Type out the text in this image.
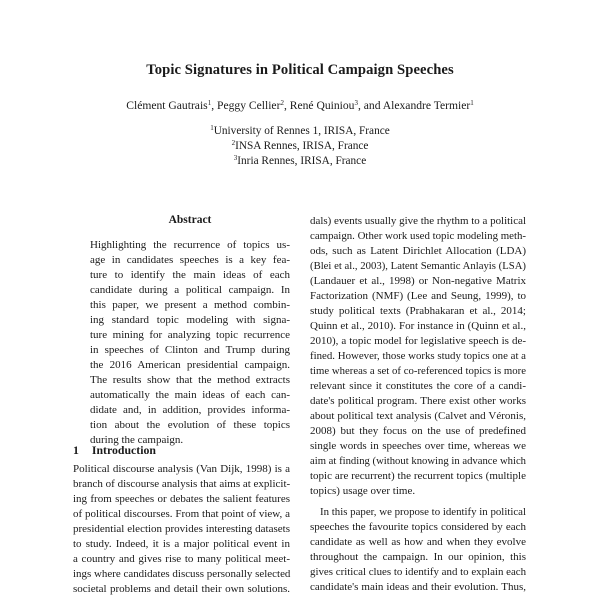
Topic Signatures in Political Campaign Speeches
Clément Gautrais$^1$, Peggy Cellier$^2$, René Quiniou$^3$, and Alexandre Termier$^1$
$^1$University of Rennes 1, IRISA, France
$^2$INSA Rennes, IRISA, France
$^3$Inria Rennes, IRISA, France
Abstract
Highlighting the recurrence of topics us-
age in candidates speeches is a key fea-
ture to identify the main ideas of each
candidate during a political campaign. In
this paper, we present a method combin-
ing standard topic modeling with signa-
ture mining for analyzing topic recurrence
in speeches of Clinton and Trump during
the 2016 American presidential campaign.
The results show that the method extracts
automatically the main ideas of each can-
didate and, in addition, provides informa-
tion about the evolution of these topics
during the campaign.
1 Introduction
Political discourse analysis (Van Dijk, 1998) is a
branch of discourse analysis that aims at explicit-
ing from speeches or debates the salient features
of political discourses. From that point of view, a
presidential election provides interesting datasets
to study. Indeed, it is a major political event in
a country and gives rise to many political meet-
ings where candidates discuss personally selected
societal problems and detail their own solutions.
dals) events usually give the rhythm to a political
campaign. Other work used topic modeling meth-
ods, such as Latent Dirichlet Allocation (LDA)
(Blei et al., 2003), Latent Semantic Anlayis (LSA)
(Landauer et al., 1998) or Non-negative Matrix
Factorization (NMF) (Lee and Seung, 1999), to
study political texts (Prabhakaran et al., 2014;
Quinn et al., 2010). For instance in (Quinn et al.,
2010), a topic model for legislative speech is de-
fined. However, those works study topics one at a
time whereas a set of co-referenced topics is more
relevant since it constitutes the core of a candi-
date's political program. There exist other works
about political text analysis (Calvet and Véronis,
2008) but they focus on the use of predefined
single words in speeches over time, whereas we
aim at finding (without knowing in advance which
topic are recurrent) the recurrent topics (multiple
topics) usage over time.
In this paper, we propose to identify in political
speeches the favourite topics considered by each
candidate as well as how and when they evolve
throughout the campaign. In our opinion, this
gives critical clues to identify and to explain each
candidate's main ideas and their evolution. Thus,
